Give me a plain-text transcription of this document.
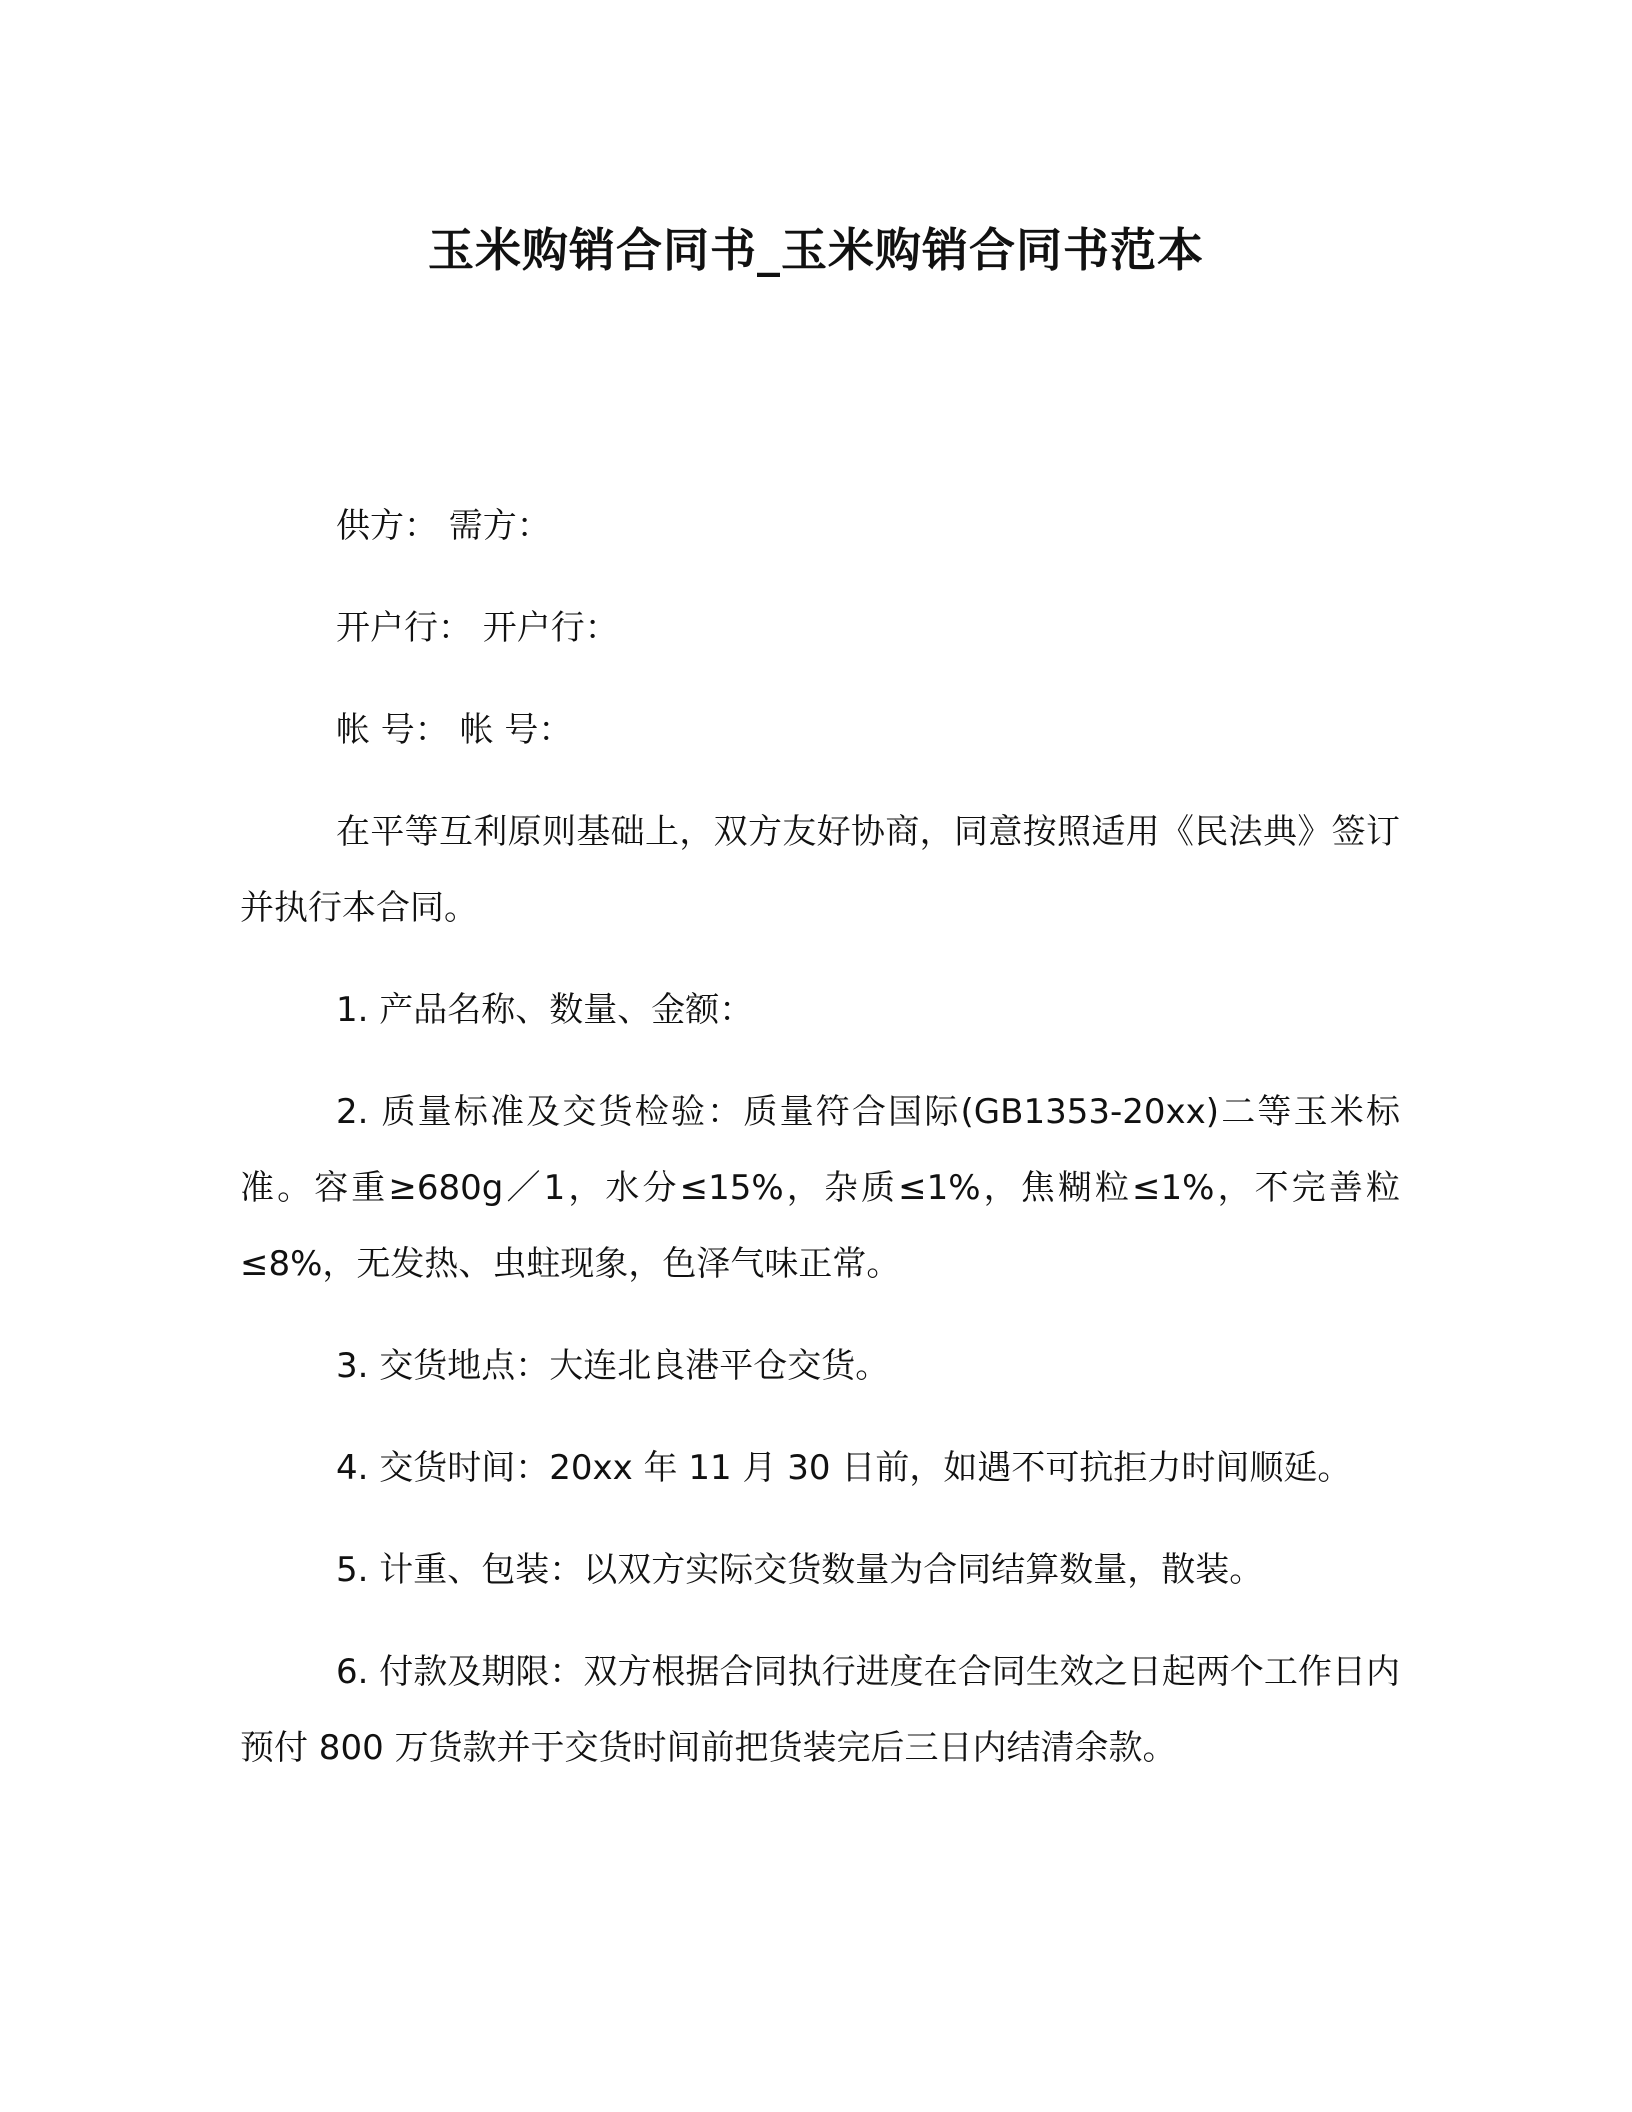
玉米购销合同书_玉米购销合同书范本

供方： 需方：

开户行： 开户行：

帐 号： 帐 号：

在平等互利原则基础上，双方友好协商，同意按照适用《民法典》签订并执行本合同。

1. 产品名称、数量、金额：

2. 质量标准及交货检验：质量符合国际(GB1353-20xx)二等玉米标准。容重≥680g／1，水分≤15%，杂质≤1%，焦糊粒≤1%，不完善粒≤8%，无发热、虫蛀现象，色泽气味正常。

3. 交货地点：大连北良港平仓交货。

4. 交货时间：20xx 年 11 月 30 日前，如遇不可抗拒力时间顺延。

5. 计重、包装：以双方实际交货数量为合同结算数量，散装。

6. 付款及期限：双方根据合同执行进度在合同生效之日起两个工作日内预付 800 万货款并于交货时间前把货装完后三日内结清余款。
